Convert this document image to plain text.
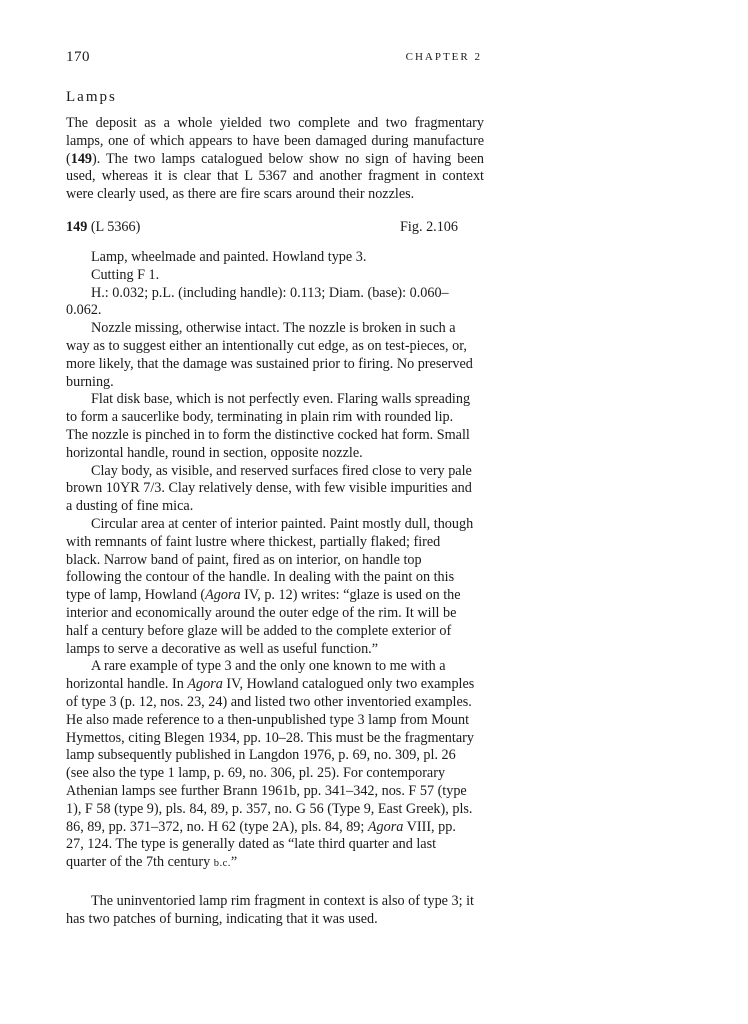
170	CHAPTER 2
Lamps
The deposit as a whole yielded two complete and two fragmentary lamps, one of which appears to have been damaged during manufacture (149). The two lamps catalogued below show no sign of having been used, whereas it is clear that L 5367 and another fragment in context were clearly used, as there are fire scars around their nozzles.
149 (L 5366)	Fig. 2.106

Lamp, wheelmade and painted. Howland type 3.

Cutting F 1.

H.: 0.032; p.L. (including handle): 0.113; Diam. (base): 0.060–0.062.

Nozzle missing, otherwise intact. The nozzle is broken in such a way as to suggest either an intentionally cut edge, as on test-pieces, or, more likely, that the damage was sustained prior to firing. No preserved burning.

Flat disk base, which is not perfectly even. Flaring walls spreading to form a saucerlike body, terminating in plain rim with rounded lip. The nozzle is pinched in to form the distinctive cocked hat form. Small horizontal handle, round in section, opposite nozzle.

Clay body, as visible, and reserved surfaces fired close to very pale brown 10YR 7/3. Clay relatively dense, with few visible impurities and a dusting of fine mica.

Circular area at center of interior painted. Paint mostly dull, though with remnants of faint lustre where thickest, partially flaked; fired black. Narrow band of paint, fired as on interior, on handle top following the contour of the handle. In dealing with the paint on this type of lamp, Howland (Agora IV, p. 12) writes: “glaze is used on the interior and economically around the outer edge of the rim. It will be half a century before glaze will be added to the complete exterior of lamps to serve a decorative as well as useful function.”

A rare example of type 3 and the only one known to me with a horizontal handle. In Agora IV, Howland catalogued only two examples of type 3 (p. 12, nos. 23, 24) and listed two other inventoried examples. He also made reference to a then-unpublished type 3 lamp from Mount Hymettos, citing Blegen 1934, pp. 10–28. This must be the fragmentary lamp subsequently published in Langdon 1976, p. 69, no. 309, pl. 26 (see also the type 1 lamp, p. 69, no. 306, pl. 25). For contemporary Athenian lamps see further Brann 1961b, pp. 341–342, nos. F 57 (type 1), F 58 (type 9), pls. 84, 89, p. 357, no. G 56 (Type 9, East Greek), pls. 86, 89, pp. 371–372, no. H 62 (type 2A), pls. 84, 89; Agora VIII, pp. 27, 124. The type is generally dated as “late third quarter and last quarter of the 7th century b.c.”

The uninventoried lamp rim fragment in context is also of type 3; it has two patches of burning, indicating that it was used.
